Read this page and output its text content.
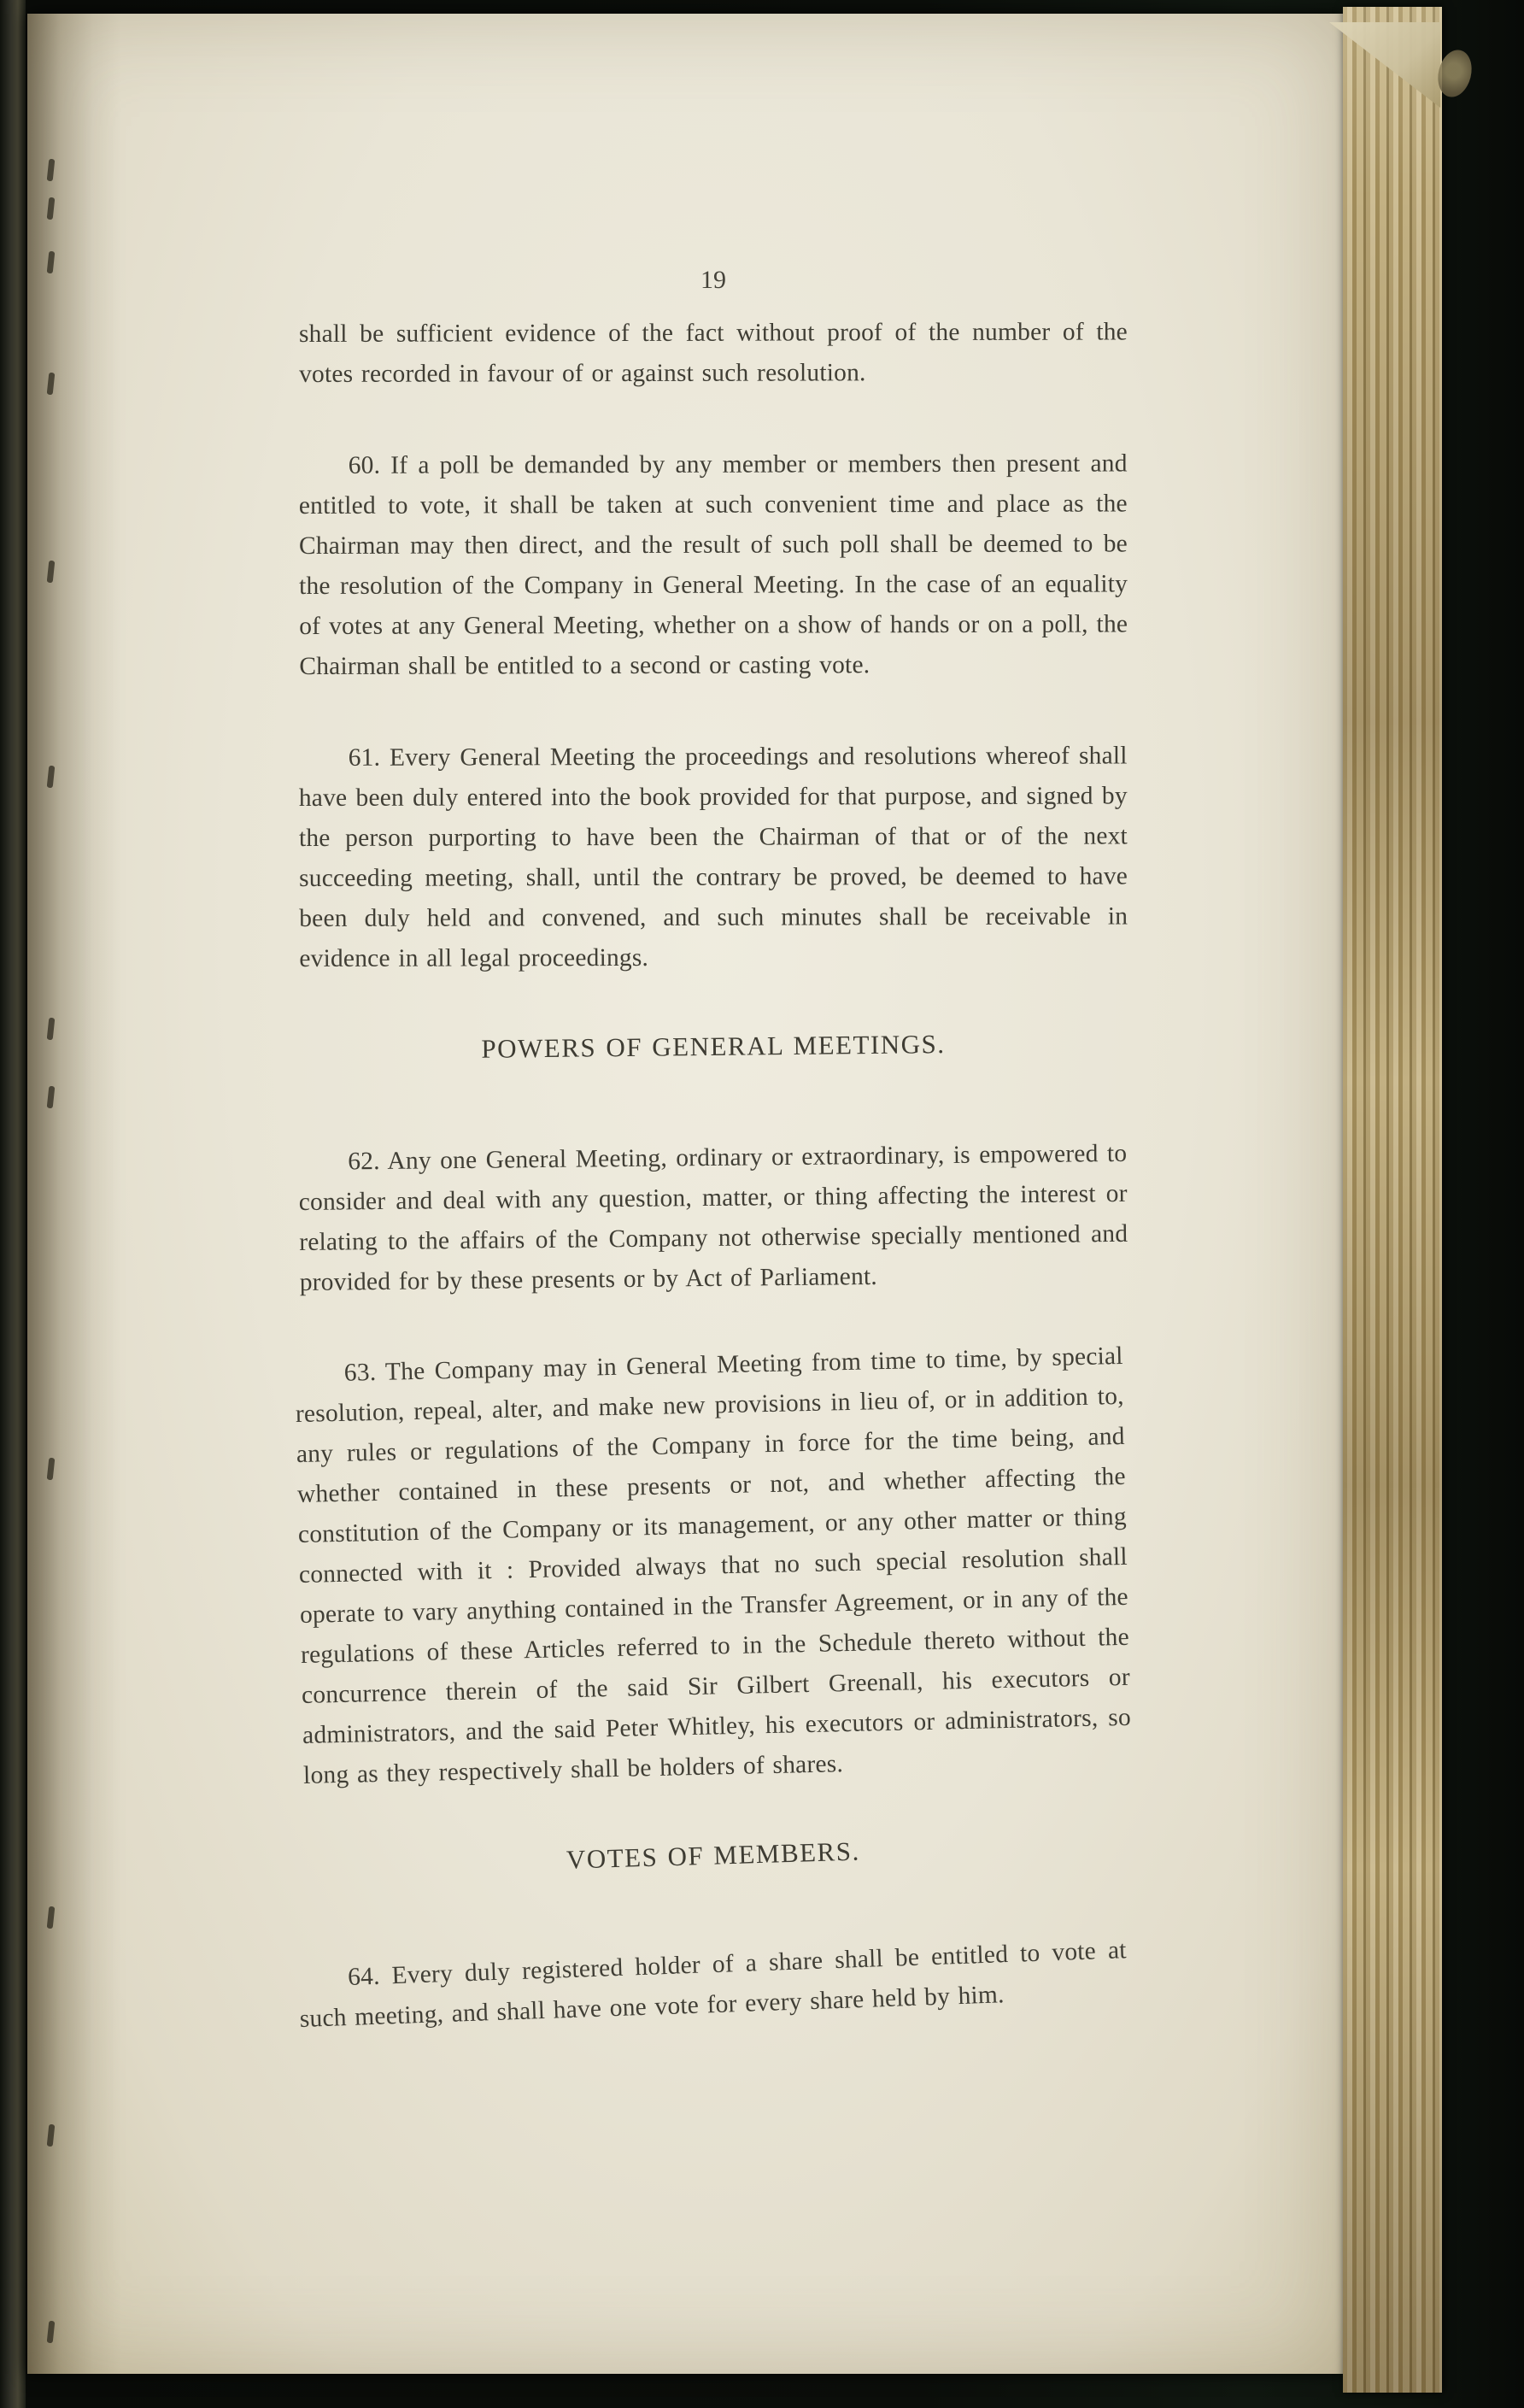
19

shall be sufficient evidence of the fact without proof of the number of the votes recorded in favour of or against such resolution.

60. If a poll be demanded by any member or members then present and entitled to vote, it shall be taken at such convenient time and place as the Chairman may then direct, and the result of such poll shall be deemed to be the resolution of the Company in General Meeting. In the case of an equality of votes at any General Meeting, whether on a show of hands or on a poll, the Chairman shall be entitled to a second or casting vote.

61. Every General Meeting the proceedings and resolutions whereof shall have been duly entered into the book provided for that purpose, and signed by the person purporting to have been the Chairman of that or of the next succeeding meeting, shall, until the contrary be proved, be deemed to have been duly held and convened, and such minutes shall be receivable in evidence in all legal proceedings.

POWERS OF GENERAL MEETINGS.

62. Any one General Meeting, ordinary or extraordinary, is empowered to consider and deal with any question, matter, or thing affecting the interest or relating to the affairs of the Company not otherwise specially mentioned and provided for by these presents or by Act of Parliament.

63. The Company may in General Meeting from time to time, by special resolution, repeal, alter, and make new provisions in lieu of, or in addition to, any rules or regulations of the Company in force for the time being, and whether contained in these presents or not, and whether affecting the constitution of the Company or its management, or any other matter or thing connected with it : Provided always that no such special resolution shall operate to vary anything contained in the Transfer Agreement, or in any of the regulations of these Articles referred to in the Schedule thereto without the concurrence therein of the said Sir Gilbert Greenall, his executors or administrators, and the said Peter Whitley, his executors or administrators, so long as they respectively shall be holders of shares.

VOTES OF MEMBERS.

64. Every duly registered holder of a share shall be entitled to vote at such meeting, and shall have one vote for every share held by him.
